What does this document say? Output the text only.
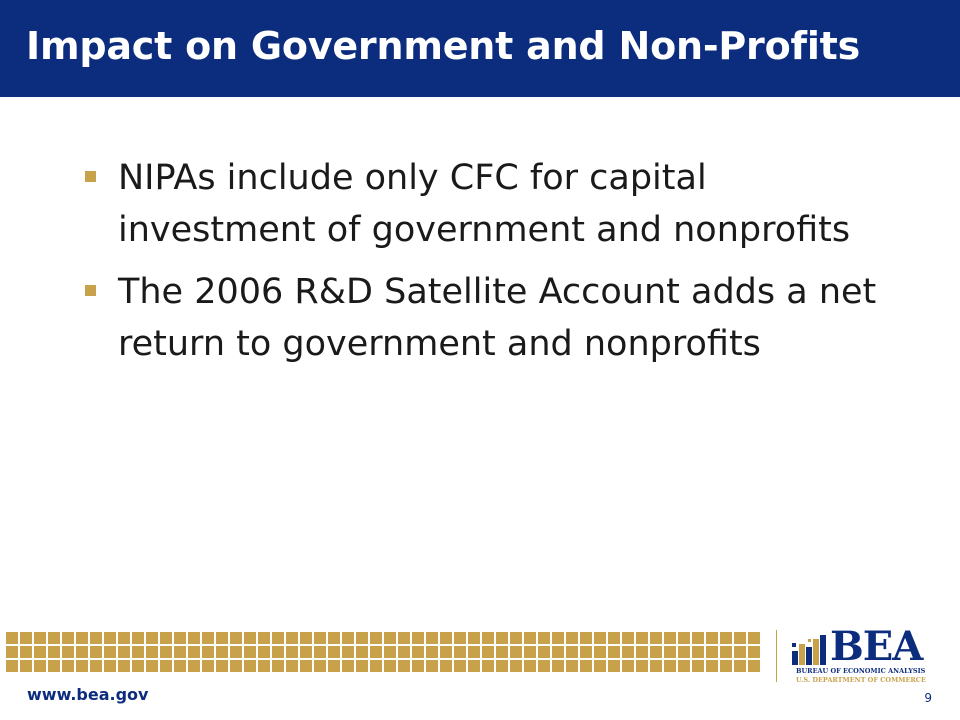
Impact on Government and Non-Profits
NIPAs include only CFC for capital investment of government and nonprofits
The 2006 R&D Satellite Account adds a net return to government and nonprofits
BEA
BUREAU OF ECONOMIC ANALYSIS
U.S. DEPARTMENT OF COMMERCE
www.bea.gov	9
